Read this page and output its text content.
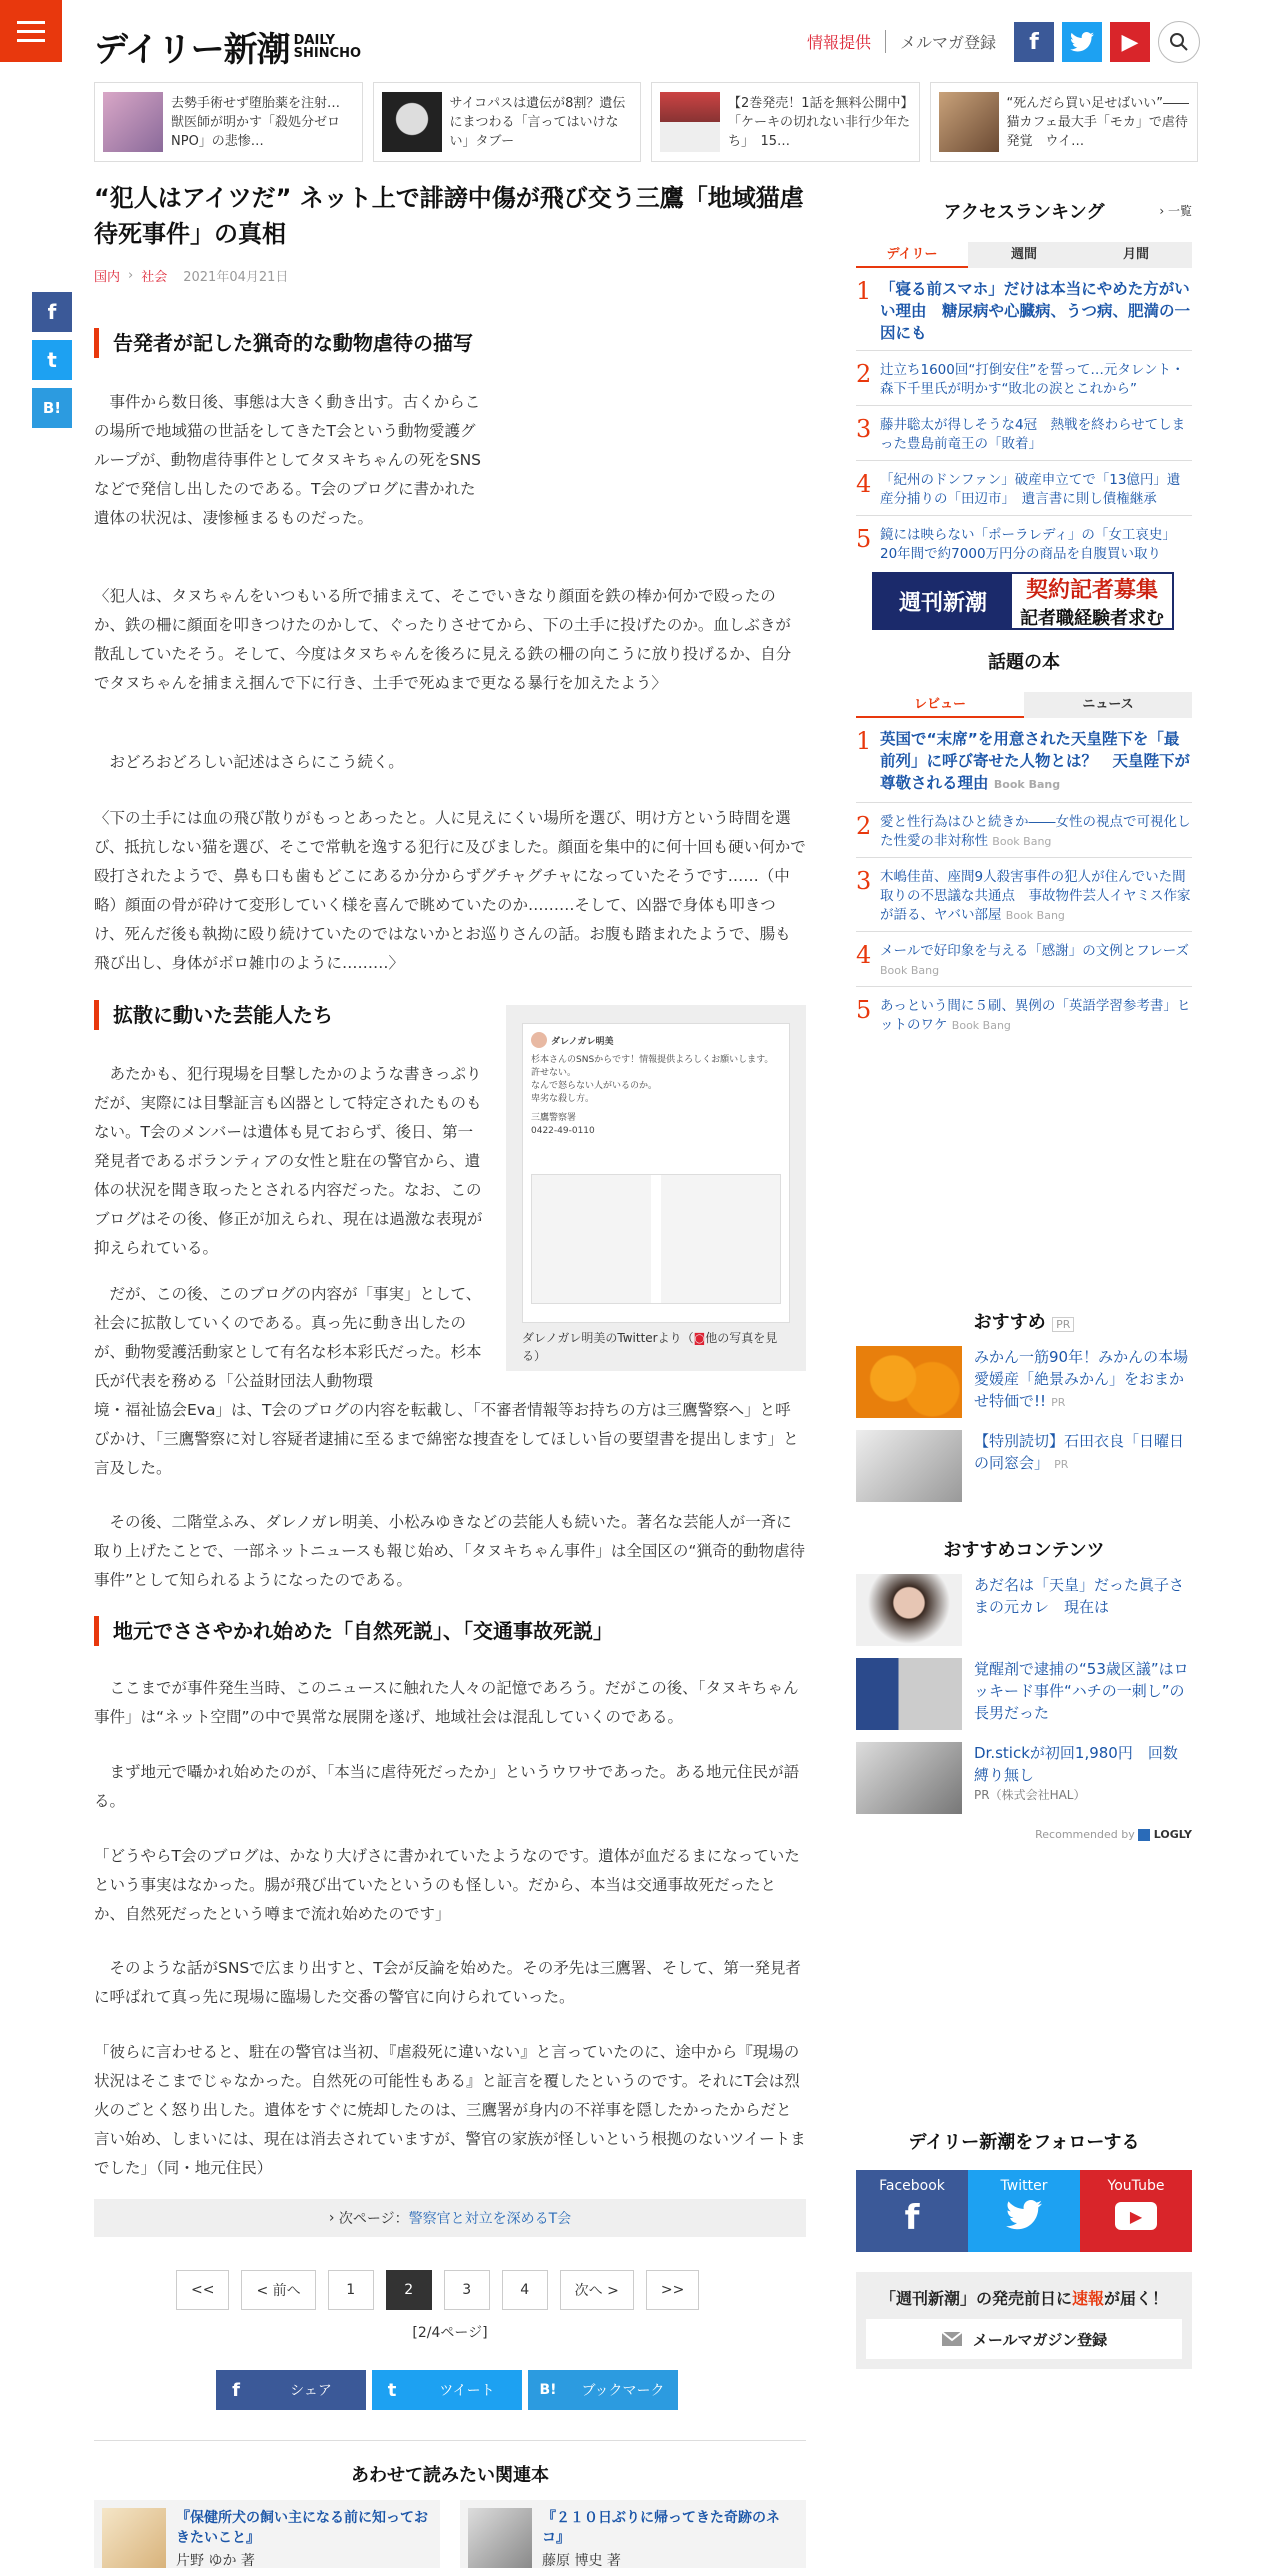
デイリー新潮 DAILY
SHINCHO
情報提供	メルマガ登録	f	▶
去勢手術せず堕胎薬を注射…　獣医師が明かす「殺処分ゼロNPO」の悲惨…
サイコパスは遺伝が8割？遺伝にまつわる「言ってはいけない」タブー
【2巻発売！1話を無料公開中】「ケーキの切れない非行少年たち」　15…
“死んだら買い足せばいい”――猫カフェ最大手「モカ」で虐待発覚　ウイ…
f
t
B!
“犯人はアイツだ” ネット上で誹謗中傷が飛び交う三鷹「地域猫虐待死事件」の真相
国内 › 社会 2021年04月21日
告発者が記した猟奇的な動物虐待の描写
　事件から数日後、事態は大きく動き出す。古くからこの場所で地域猫の世話をしてきたT会という動物愛護グループが、動物虐待事件としてタヌキちゃんの死をSNSなどで発信し出したのである。T会のブログに書かれた遺体の状況は、凄惨極まるものだった。
〈犯人は、タヌちゃんをいつもいる所で捕まえて、そこでいきなり顔面を鉄の棒か何かで殴ったのか、鉄の柵に顔面を叩きつけたのかして、ぐったりさせてから、下の土手に投げたのか。血しぶきが散乱していたそう。そして、今度はタヌちゃんを後ろに見える鉄の柵の向こうに放り投げるか、自分でタヌちゃんを捕まえ掴んで下に行き、土手で死ぬまで更なる暴行を加えたよう〉
　おどろおどろしい記述はさらにこう続く。
〈下の土手には血の飛び散りがもっとあったと。人に見えにくい場所を選び、明け方という時間を選び、抵抗しない猫を選び、そこで常軌を逸する犯行に及びました。顔面を集中的に何十回も硬い何かで殴打されたようで、鼻も口も歯もどこにあるか分からずグチャグチャになっていたそうです……（中略）顔面の骨が砕けて変形していく様を喜んで眺めていたのか………そして、凶器で身体も叩きつけ、死んだ後も執拗に殴り続けていたのではないかとお巡りさんの話。お腹も踏まれたようで、腸も飛び出し、身体がボロ雑巾のように………〉
拡散に動いた芸能人たち
　あたかも、犯行現場を目撃したかのような書きっぷりだが、実際には目撃証言も凶器として特定されたものもない。T会のメンバーは遺体も見ておらず、後日、第一発見者であるボランティアの女性と駐在の警官から、遺体の状況を聞き取ったとされる内容だった。なお、このブログはその後、修正が加えられ、現在は過激な表現が抑えられている。
　だが、この後、このブログの内容が「事実」として、社会に拡散していくのである。真っ先に動き出したのが、動物愛護活動家として有名な杉本彩氏だった。杉本氏が代表を務める「公益財団法人動物環
境・福祉協会Eva」は、T会のブログの内容を転載し、「不審者情報等お持ちの方は三鷹警察へ」と呼びかけ、「三鷹警察に対し容疑者逮捕に至るまで綿密な捜査をしてほしい旨の要望書を提出します」と言及した。
ダレノガレ明美
杉本さんのSNSからです！情報提供よろしくお願いします。
許せない。
なんで怒らない人がいるのか。
卑劣な殺し方。
三鷹警察署
0422-49-0110
ダレノガレ明美のTwitterより（◙他の写真を見る）
　その後、二階堂ふみ、ダレノガレ明美、小松みゆきなどの芸能人も続いた。著名な芸能人が一斉に取り上げたことで、一部ネットニュースも報じ始め、「タヌキちゃん事件」は全国区の“猟奇的動物虐待事件”として知られるようになったのである。
地元でささやかれ始めた「自然死説」、「交通事故死説」
　ここまでが事件発生当時、このニュースに触れた人々の記憶であろう。だがこの後、「タヌキちゃん事件」は“ネット空間”の中で異常な展開を遂げ、地域社会は混乱していくのである。
　まず地元で囁かれ始めたのが、「本当に虐待死だったか」というウワサであった。ある地元住民が語る。
「どうやらT会のブログは、かなり大げさに書かれていたようなのです。遺体が血だるまになっていたという事実はなかった。腸が飛び出ていたというのも怪しい。だから、本当は交通事故死だったとか、自然死だったという噂まで流れ始めたのです」
　そのような話がSNSで広まり出すと、T会が反論を始めた。その矛先は三鷹署、そして、第一発見者に呼ばれて真っ先に現場に臨場した交番の警官に向けられていった。
「彼らに言わせると、駐在の警官は当初、『虐殺死に違いない』と言っていたのに、途中から『現場の状況はそこまでじゃなかった。自然死の可能性もある』と証言を覆したというのです。それにT会は烈火のごとく怒り出した。遺体をすぐに焼却したのは、三鷹署が身内の不祥事を隠したかったからだと言い始め、しまいには、現在は消去されていますが、警官の家族が怪しいという根拠のないツイートまでした」（同・地元住民）
› 次ページ： 警察官と対立を深めるT会
<<	< 前へ	1	2	3	4	次へ >	>>
[2/4ページ]
f	シェア	t	ツイート	B!	ブックマーク
あわせて読みたい関連本
『保健所犬の飼い主になる前に知っておきたいこと』
片野 ゆか 著
『２１０日ぶりに帰ってきた奇跡のネコ』
藤原 博史 著
アクセスランキング	› 一覧
デイリー	週間	月間
1 「寝る前スマホ」だけは本当にやめた方がいい理由　糖尿病や心臓病、うつ病、肥満の一因にも
2 辻立ち1600回“打倒安住”を誓って…元タレント・森下千里氏が明かす“敗北の涙とこれから”
3 藤井聡太が得しそうな4冠　熱戦を終わらせてしまった豊島前竜王の「敗着」
4 「紀州のドンファン」破産申立てで「13億円」遺産分捕りの「田辺市」　遺言書に則し債権継承
5 鏡には映らない「ポーラレディ」の「女工哀史」20年間で約7000万円分の商品を自腹買い取り
週刊新潮	契約記者募集
記者職経験者求む
話題の本
レビュー	ニュース
1 英国で“末席”を用意された天皇陛下を「最前列」に呼び寄せた人物とは？　天皇陛下が尊敬される理由 Book Bang
2 愛と性行為はひと続きか――女性の視点で可視化した性愛の非対称性 Book Bang
3 木嶋佳苗、座間9人殺害事件の犯人が住んでいた間取りの不思議な共通点　事故物件芸人イヤミス作家が語る、ヤバい部屋 Book Bang
4 メールで好印象を与える「感謝」の文例とフレーズ Book Bang
5 あっという間に５刷、異例の「英語学習参考書」ヒットのワケ Book Bang
おすすめ PR
みかん一筋90年！みかんの本場愛媛産「絶景みかん」をおまかせ特価で!! PR
【特別読切】石田衣良「日曜日の同窓会」 PR
おすすめコンテンツ
あだ名は「天皇」だった眞子さまの元カレ　現在は
覚醒剤で逮捕の“53歳区議”はロッキード事件“ハチの一刺し”の長男だった
Dr.stickが初回1,980円　回数縛り無し
PR（株式会社HAL）
Recommended by LOGLY
デイリー新潮をフォローする
Facebook
f
Twitter	YouTube
▶
「週刊新潮」の発売前日に速報が届く！
メールマガジン登録
